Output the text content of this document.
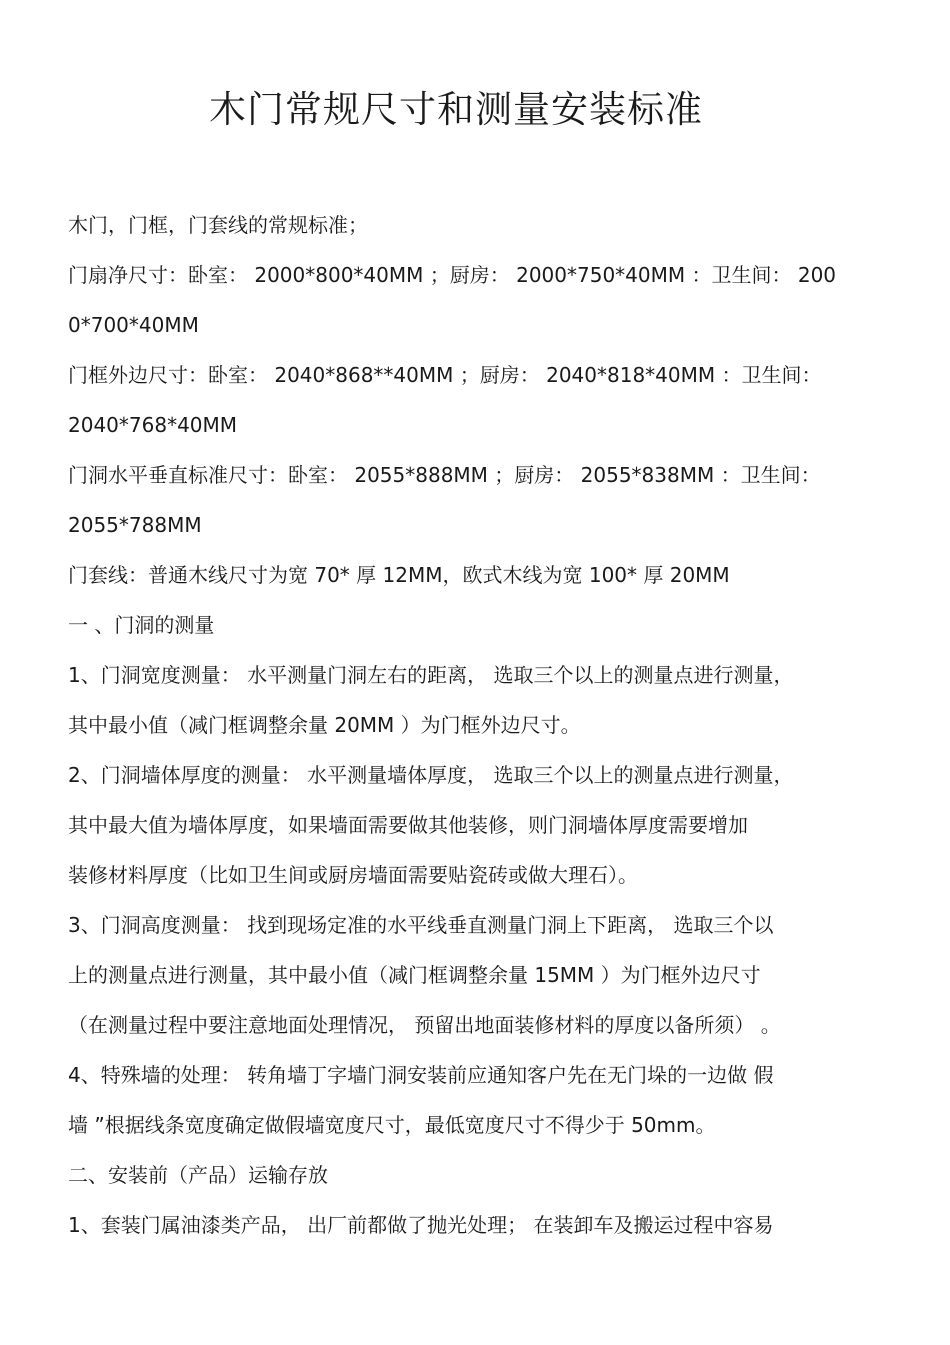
木门常规尺寸和测量安装标准
木门，门框，门套线的常规标准；
门扇净尺寸：卧室： 2000*800*40MM ；厨房： 2000*750*40MM ：卫生间： 200
0*700*40MM
门框外边尺寸：卧室： 2040*868**40MM ；厨房： 2040*818*40MM ：卫生间：
2040*768*40MM
门洞水平垂直标准尺寸：卧室： 2055*888MM ；厨房： 2055*838MM ：卫生间：
2055*788MM
门套线：普通木线尺寸为宽 70* 厚 12MM，欧式木线为宽 100* 厚 20MM
一 、门洞的测量
1、门洞宽度测量： 水平测量门洞左右的距离， 选取三个以上的测量点进行测量，
其中最小值（减门框调整余量 20MM ）为门框外边尺寸。
2、门洞墙体厚度的测量： 水平测量墙体厚度， 选取三个以上的测量点进行测量，
其中最大值为墙体厚度，如果墙面需要做其他装修，则门洞墙体厚度需要增加
装修材料厚度（比如卫生间或厨房墙面需要贴瓷砖或做大理石）。
3、门洞高度测量： 找到现场定准的水平线垂直测量门洞上下距离， 选取三个以
上的测量点进行测量，其中最小值（减门框调整余量 15MM ）为门框外边尺寸
（在测量过程中要注意地面处理情况， 预留出地面装修材料的厚度以备所须） 。
4、特殊墙的处理： 转角墙丁字墙门洞安装前应通知客户先在无门垛的一边做 假
墙 ”根据线条宽度确定做假墙宽度尺寸，最低宽度尺寸不得少于 50mm。
二、安装前（产品）运输存放
1、套装门属油漆类产品， 出厂前都做了抛光处理； 在装卸车及搬运过程中容易
